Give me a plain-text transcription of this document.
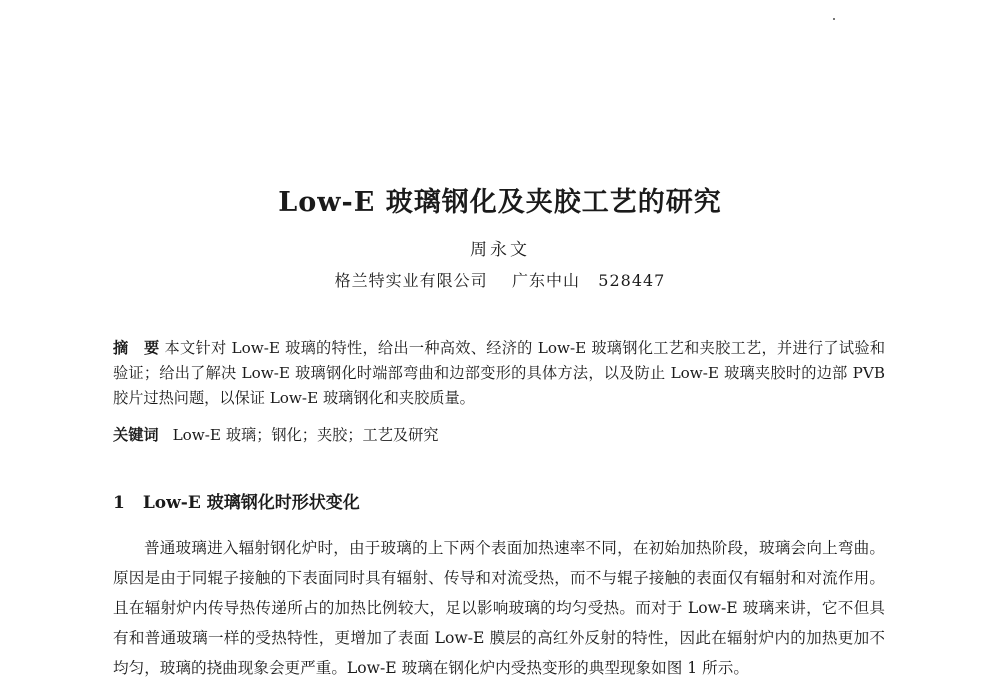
Low-E 玻璃钢化及夹胶工艺的研究
周永文
格兰特实业有限公司 广东中山 528447

摘　要 本文针对 Low-E 玻璃的特性，给出一种高效、经济的 Low-E 玻璃钢化工艺和夹胶工艺，并进行了试验和验证；给出了解决 Low-E 玻璃钢化时端部弯曲和边部变形的具体方法，以及防止 Low-E 玻璃夹胶时的边部 PVB 胶片过热问题，以保证 Low-E 玻璃钢化和夹胶质量。

关键词 Low-E 玻璃；钢化；夹胶；工艺及研究

1 Low-E 玻璃钢化时形状变化

普通玻璃进入辐射钢化炉时，由于玻璃的上下两个表面加热速率不同，在初始加热阶段，玻璃会向上弯曲。原因是由于同辊子接触的下表面同时具有辐射、传导和对流受热，而不与辊子接触的表面仅有辐射和对流作用。且在辐射炉内传导热传递所占的加热比例较大，足以影响玻璃的均匀受热。而对于 Low-E 玻璃来讲，它不但具有和普通玻璃一样的受热特性，更增加了表面 Low-E 膜层的高红外反射的特性，因此在辐射炉内的加热更加不均匀，玻璃的挠曲现象会更严重。Low-E 玻璃在钢化炉内受热变形的典型现象如图 1 所示。
